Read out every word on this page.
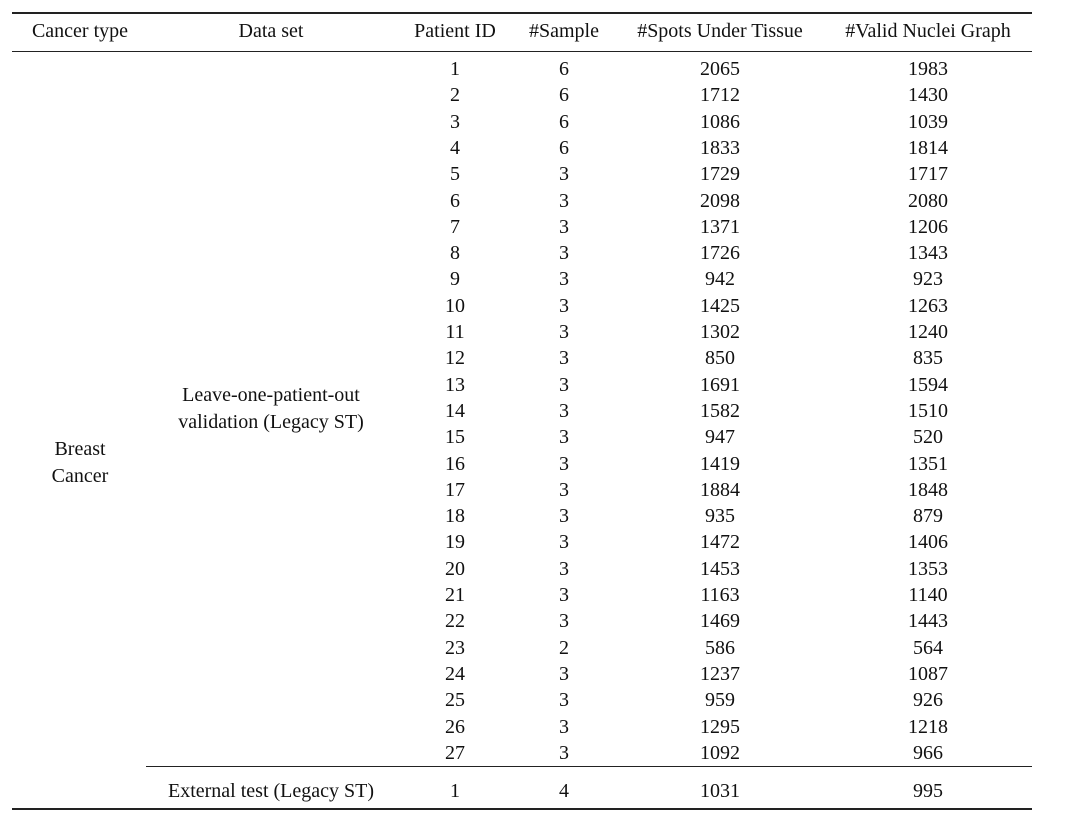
Cancer type	Data set	Patient ID	#Sample	#Spots Under Tissue	#Valid Nuclei Graph
Breast
Cancer
Leave-one-patient-out
validation (Legacy ST)
1	6	2065	1983
2	6	1712	1430
3	6	1086	1039
4	6	1833	1814
5	3	1729	1717
6	3	2098	2080
7	3	1371	1206
8	3	1726	1343
9	3	942	923
10	3	1425	1263
11	3	1302	1240
12	3	850	835
13	3	1691	1594
14	3	1582	1510
15	3	947	520
16	3	1419	1351
17	3	1884	1848
18	3	935	879
19	3	1472	1406
20	3	1453	1353
21	3	1163	1140
22	3	1469	1443
23	2	586	564
24	3	1237	1087
25	3	959	926
26	3	1295	1218
27	3	1092	966
External test (Legacy ST)	1	4	1031	995
